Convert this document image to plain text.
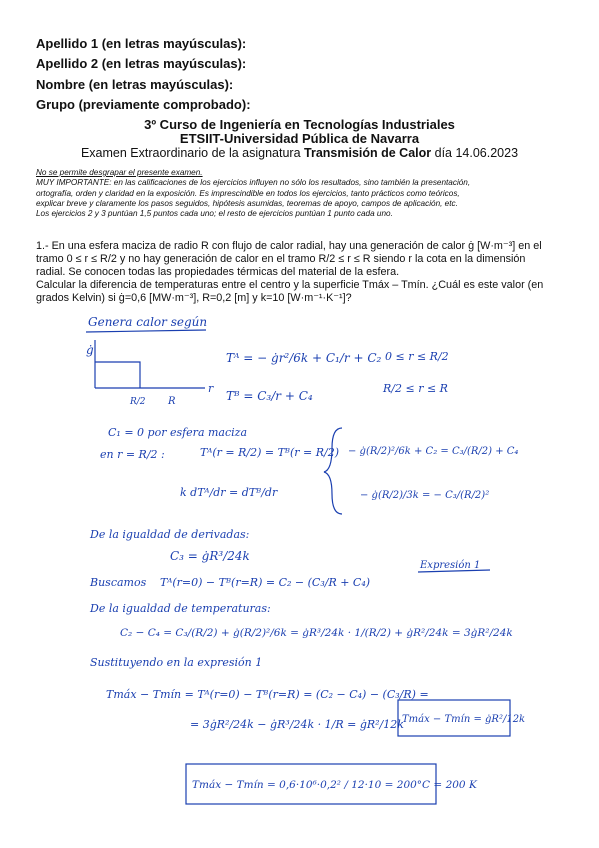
Apellido 1 (en letras mayúsculas):
Apellido 2 (en letras mayúsculas):
Nombre (en letras mayúsculas):
Grupo (previamente comprobado):
3º Curso de Ingeniería en Tecnologías Industriales
ETSIIT-Universidad Pública de Navarra
Examen Extraordinario de la asignatura Transmisión de Calor día 14.06.2023
No se permite desgrapar el presente examen.
MUY IMPORTANTE: en las calificaciones de los ejercicios influyen no sólo los resultados, sino también la presentación,
ortografía, orden y claridad en la exposición. Es imprescindible en todos los ejercicios, tanto prácticos como teóricos,
explicar breve y claramente los pasos seguidos, hipótesis asumidas, teoremas de apoyo, campos de aplicación, etc.
Los ejercicios 2 y 3 puntúan 1,5 puntos cada uno; el resto de ejercicios puntúan 1 punto cada uno.
1.- En una esfera maciza de radio R con flujo de calor radial, hay una generación de calor ġ [W·m⁻³] en el
tramo 0 ≤ r ≤ R/2 y no hay generación de calor en el tramo R/2 ≤ r ≤ R siendo r la cota en la dimensión
radial. Se conocen todas las propiedades térmicas del material de la esfera.
Calcular la diferencia de temperaturas entre el centro y la superficie Tmáx – Tmín. ¿Cuál es este valor (en
grados Kelvin) si ġ=0,6 [MW·m⁻³], R=0,2 [m] y k=10 [W·m⁻¹·K⁻¹]?
Genera calor según
ġ
r
R/2 R
Tᴬ = − ġr²/6k + C₁/r + C₂ 0 ≤ r ≤ R/2
Tᴮ = C₃/r + C₄
R/2 ≤ r ≤ R
C₁ = 0 por esfera maciza
en r = R/2 :	Tᴬ(r = R/2) = Tᴮ(r = R/2)
k dTᴬ/dr = dTᴮ/dr
− ġ(R/2)²/6k + C₂ = C₃/(R/2) + C₄
− ġ(R/2)/3k = − C₃/(R/2)²
De la igualdad de derivadas:
C₃ = ġR³/24k
Buscamos Tᴬ(r=0) − Tᴮ(r=R) = C₂ − (C₃/R + C₄)
Expresión 1
De la igualdad de temperaturas:
C₂ − C₄ = C₃/(R/2) + ġ(R/2)²/6k = ġR³/24k · 1/(R/2) + ġR²/24k = 3ġR²/24k
Sustituyendo en la expresión 1
Tmáx − Tmín = Tᴬ(r=0) − Tᴮ(r=R) = (C₂ − C₄) − (C₃/R) =
= 3ġR²/24k − ġR³/24k · 1/R = ġR²/12k
Tmáx − Tmín = ġR²/12k
Tmáx − Tmín = 0,6·10⁶·0,2² / 12·10 = 200°C = 200 K
